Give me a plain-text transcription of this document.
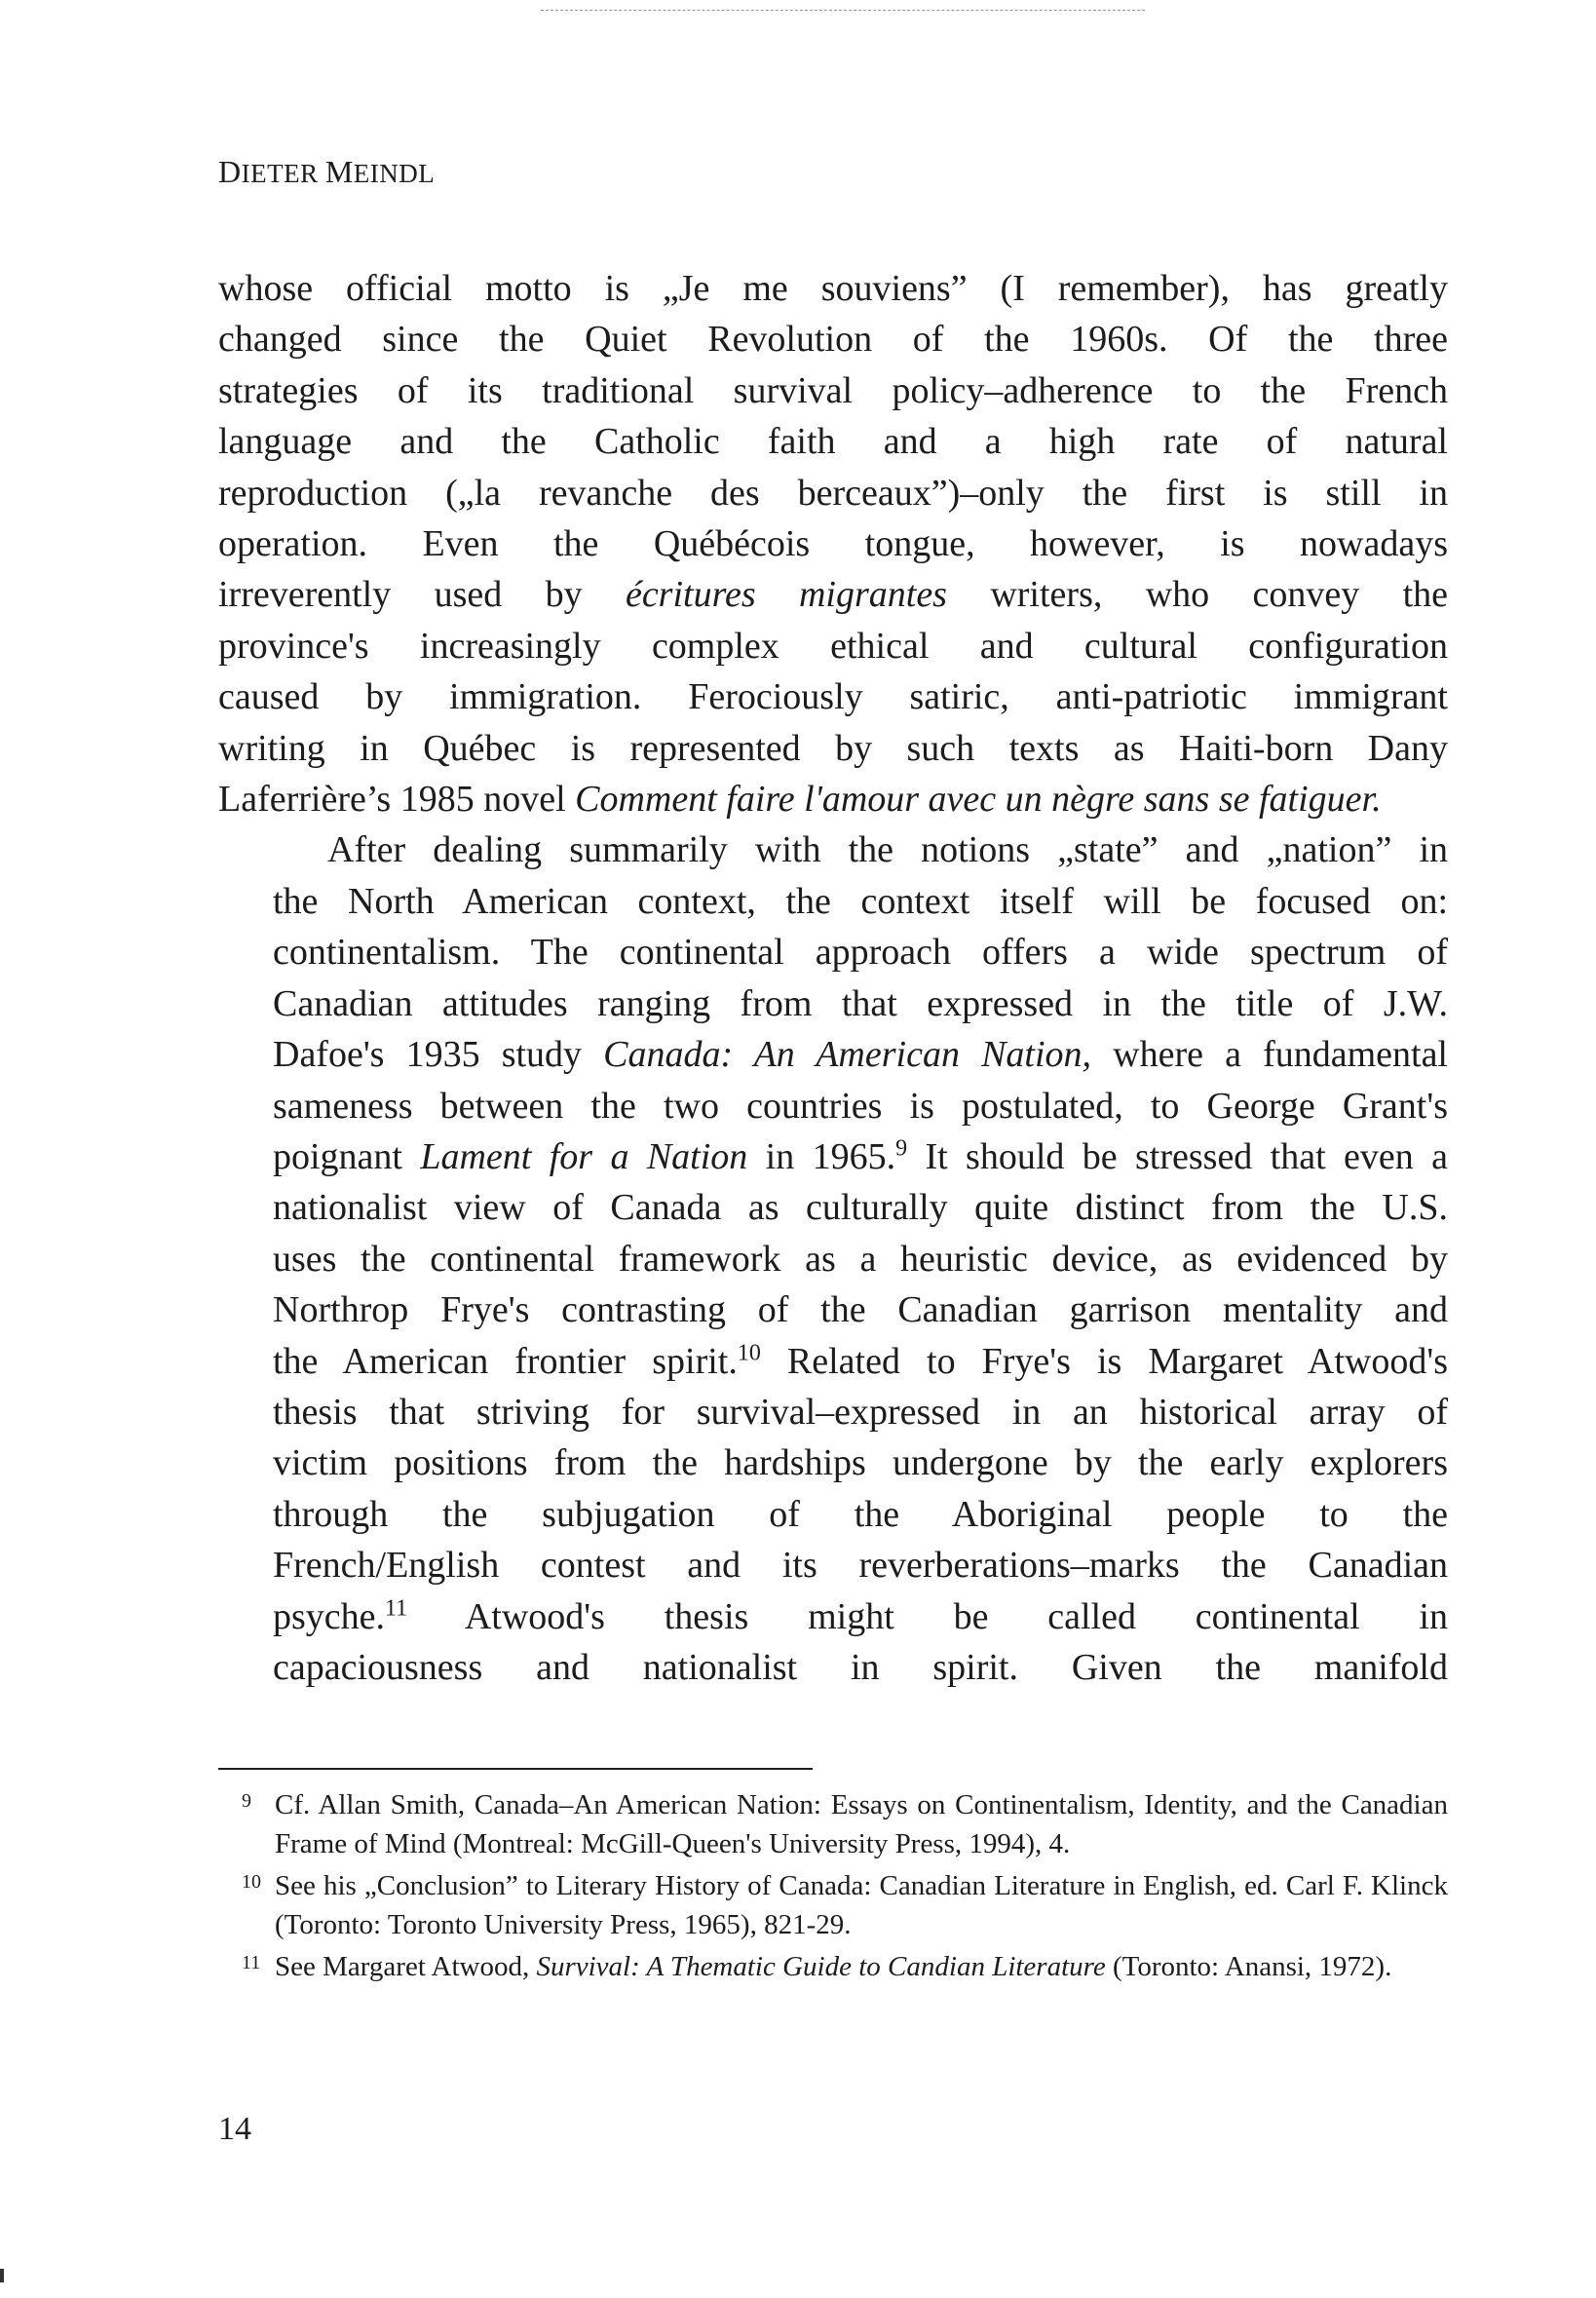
DIETER MEINDL

whose official motto is „Je me souviens” (I remember), has greatly
changed since the Quiet Revolution of the 1960s. Of the three
strategies of its traditional survival policy–adherence to the French
language and the Catholic faith and a high rate of natural
reproduction („la revanche des berceaux”)–only the first is still in
operation. Even the Québécois tongue, however, is nowadays
irreverently used by écritures migrantes writers, who convey the
province's increasingly complex ethical and cultural configuration
caused by immigration. Ferociously satiric, anti-patriotic immigrant
writing in Québec is represented by such texts as Haiti-born Dany
Laferrière’s 1985 novel Comment faire l'amour avec un nègre sans se fatiguer.

After dealing summarily with the notions „state” and „nation” in
the North American context, the context itself will be focused on:
continentalism. The continental approach offers a wide spectrum of
Canadian attitudes ranging from that expressed in the title of J.W.
Dafoe's 1935 study Canada: An American Nation, where a fundamental
sameness between the two countries is postulated, to George Grant's
poignant Lament for a Nation in 1965.$^9$ It should be stressed that even a
nationalist view of Canada as culturally quite distinct from the U.S.
uses the continental framework as a heuristic device, as evidenced by
Northrop Frye's contrasting of the Canadian garrison mentality and
the American frontier spirit.$^{10}$ Related to Frye's is Margaret Atwood's
thesis that striving for survival–expressed in an historical array of
victim positions from the hardships undergone by the early explorers
through the subjugation of the Aboriginal people to the
French/English contest and its reverberations–marks the Canadian
psyche.$^{11}$ Atwood's thesis might be called continental in
capaciousness and nationalist in spirit. Given the manifold

9 Cf. Allan Smith, Canada–An American Nation: Essays on Continentalism, Identity, and the Canadian Frame of Mind (Montreal: McGill-Queen's University Press, 1994), 4.
10 See his „Conclusion” to Literary History of Canada: Canadian Literature in English, ed. Carl F. Klinck (Toronto: Toronto University Press, 1965), 821-29.
11 See Margaret Atwood, Survival: A Thematic Guide to Candian Literature (Toronto: Anansi, 1972).
14
